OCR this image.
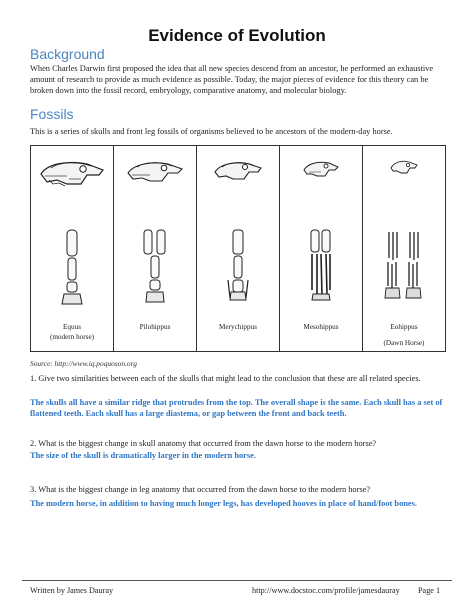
Evidence of Evolution
Background
When Charles Darwin first proposed the idea that all new species descend from an ancestor, he performed an exhaustive amount of research to provide as much evidence as possible. Today, the major pieces of evidence for this theory can be broken down into the fossil record, embryology, comparative anatomy, and molecular biology.
Fossils
This is a series of skulls and front leg fossils of organisms believed to be ancestors of the modern-day horse.
Equus
(modern horse)

Pilohippus	Merychippus	Mesohippus	Eohippus
(Dawn Horse)
Source: http://www.iq.poquoson.org
1. Give two similarities between each of the skulls that might lead to the conclusion that these are all related species.
The skulls all have a similar ridge that protrudes from the top. The overall shape is the same. Each skull has a set of flattened teeth. Each skull has a large diastema, or gap between the front and back teeth.
2. What is the biggest change in skull anatomy that occurred from the dawn horse to the modern horse?
The size of the skull is dramatically larger in the modern horse.
3. What is the biggest change in leg anatomy that occurred from the dawn horse to the modern horse?
The modern horse, in addition to having much longer legs, has developed hooves in place of hand/foot bones.
Written by James Dauray	http://www.docstoc.com/profile/jamesdauray Page 1
